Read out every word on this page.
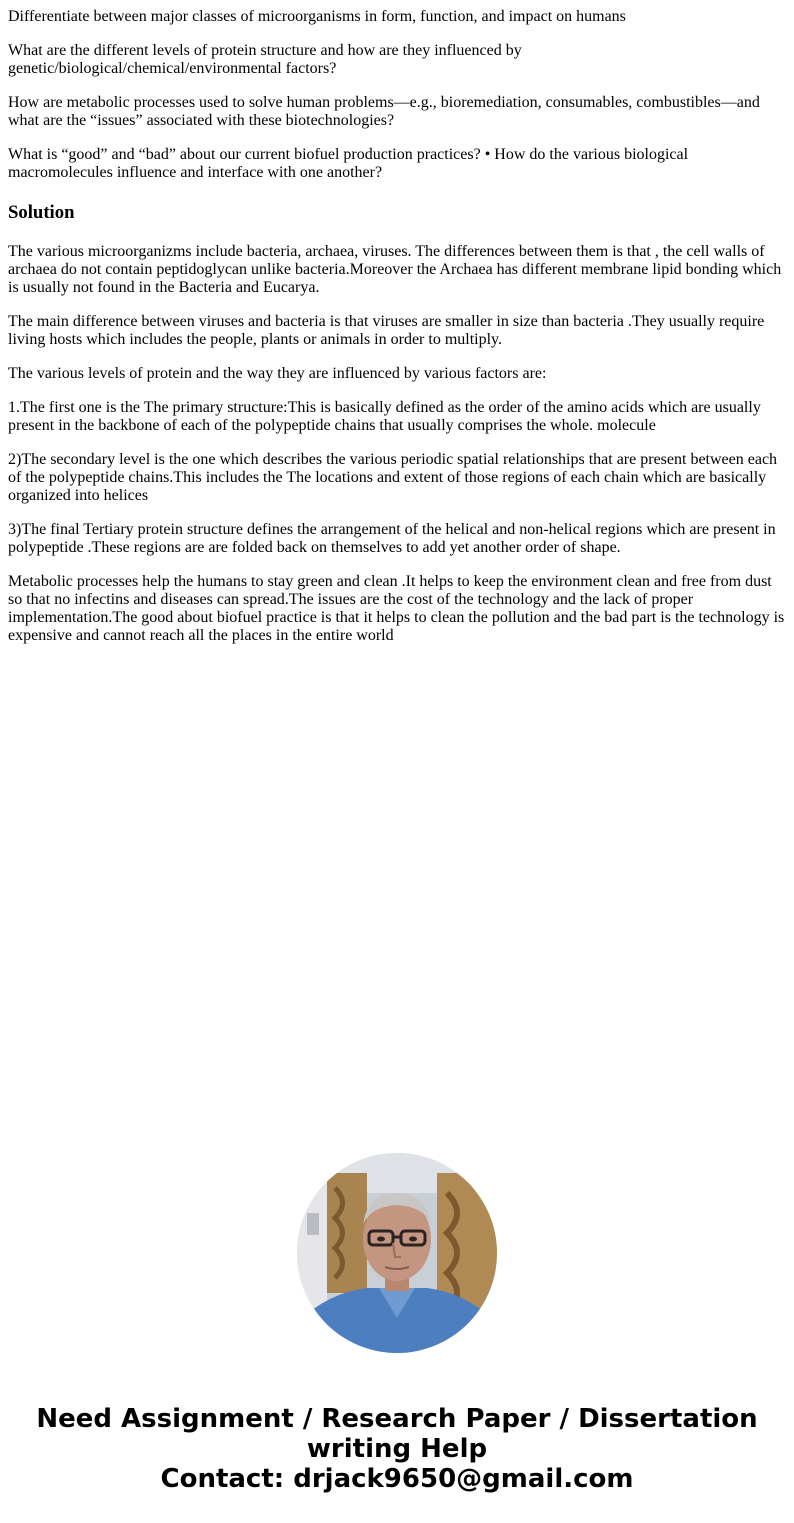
Differentiate between major classes of microorganisms in form, function, and impact on humans

What are the different levels of protein structure and how are they influenced by genetic/biological/chemical/environmental factors?

How are metabolic processes used to solve human problems—e.g., bioremediation, consumables, combustibles—and what are the “issues” associated with these biotechnologies?

What is “good” and “bad” about our current biofuel production practices? • How do the various biological macromolecules influence and interface with one another?

Solution

The various microorganizms include bacteria, archaea, viruses. The differences between them is that , the cell walls of archaea do not contain peptidoglycan unlike bacteria.Moreover the Archaea has different membrane lipid bonding which is usually not found in the Bacteria and Eucarya.

The main difference between viruses and bacteria is that viruses are smaller in size than bacteria .They usually require living hosts which includes the people, plants or animals in order to multiply.

The various levels of protein and the way they are influenced by various factors are:

1.The first one is the The primary structure:This is basically defined as the order of the amino acids which are usually present in the backbone of each of the polypeptide chains that usually comprises the whole. molecule

2)The secondary level is the one which describes the various periodic spatial relationships that are present between each of the polypeptide chains.This includes the The locations and extent of those regions of each chain which are basically organized into helices

3)The final Tertiary protein structure defines the arrangement of the helical and non-helical regions which are present in polypeptide .These regions are are folded back on themselves to add yet another order of shape.

Metabolic processes help the humans to stay green and clean .It helps to keep the environment clean and free from dust so that no infectins and diseases can spread.The issues are the cost of the technology and the lack of proper implementation.The good about biofuel practice is that it helps to clean the pollution and the bad part is the technology is expensive and cannot reach all the places in the entire world

Need Assignment / Research Paper / Dissertation
writing Help
Contact: drjack9650@gmail.com
